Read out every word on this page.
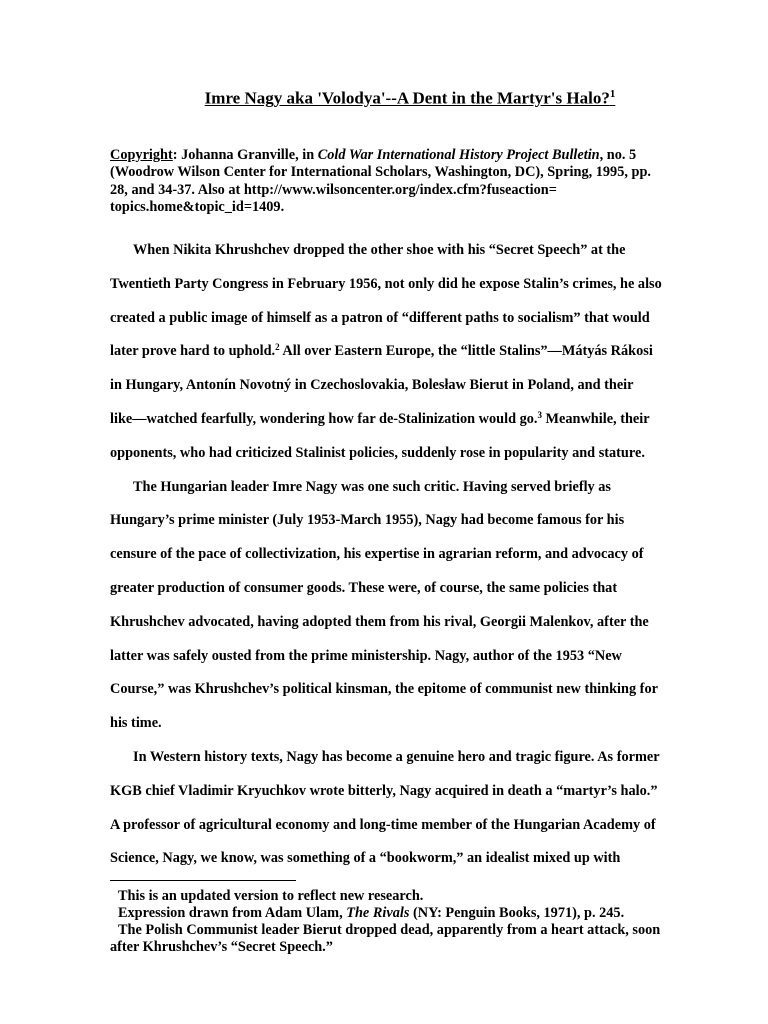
Imre Nagy aka 'Volodya'--A Dent in the Martyr's Halo?$^1$
Copyright: Johanna Granville, in Cold War International History Project Bulletin, no. 5
(Woodrow Wilson Center for International Scholars, Washington, DC), Spring, 1995, pp.
28, and 34-37. Also at http://www.wilsoncenter.org/index.cfm?fuseaction=
topics.home&topic_id=1409.
When Nikita Khrushchev dropped the other shoe with his “Secret Speech” at the
Twentieth Party Congress in February 1956, not only did he expose Stalin’s crimes, he also
created a public image of himself as a patron of “different paths to socialism” that would
later prove hard to uphold.$^2$ All over Eastern Europe, the “little Stalins”—Mátyás Rákosi
in Hungary, Antonín Novotný in Czechoslovakia, Bolesław Bierut in Poland, and their
like—watched fearfully, wondering how far de-Stalinization would go.$^3$ Meanwhile, their
opponents, who had criticized Stalinist policies, suddenly rose in popularity and stature.
The Hungarian leader Imre Nagy was one such critic. Having served briefly as
Hungary’s prime minister (July 1953-March 1955), Nagy had become famous for his
censure of the pace of collectivization, his expertise in agrarian reform, and advocacy of
greater production of consumer goods. These were, of course, the same policies that
Khrushchev advocated, having adopted them from his rival, Georgii Malenkov, after the
latter was safely ousted from the prime ministership. Nagy, author of the 1953 “New
Course,” was Khrushchev’s political kinsman, the epitome of communist new thinking for
his time.
In Western history texts, Nagy has become a genuine hero and tragic figure. As former
KGB chief Vladimir Kryuchkov wrote bitterly, Nagy acquired in death a “martyr’s halo.”
A professor of agricultural economy and long-time member of the Hungarian Academy of
Science, Nagy, we know, was something of a “bookworm,” an idealist mixed up with
This is an updated version to reflect new research.
Expression drawn from Adam Ulam, The Rivals (NY: Penguin Books, 1971), p. 245.
The Polish Communist leader Bierut dropped dead, apparently from a heart attack, soon
after Khrushchev’s “Secret Speech.”
